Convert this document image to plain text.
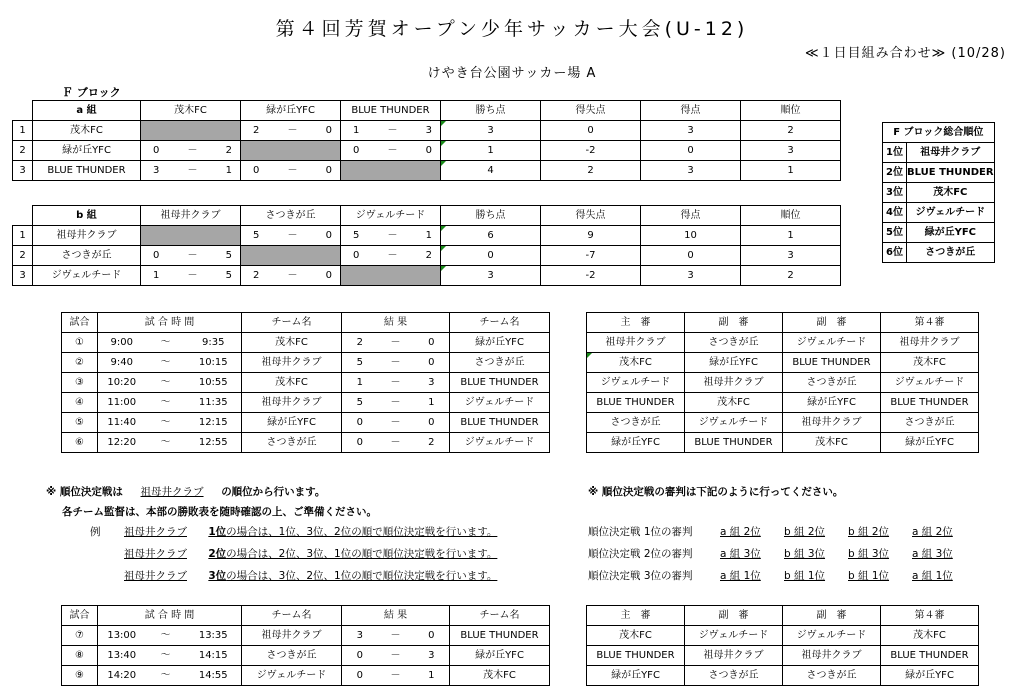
第４回芳賀オープン少年サッカー大会(U-12)
≪１日目組み合わせ≫ (10/28)
けやき台公園サッカー場 A
Ｆ ブロック
	a 組	茂木FC	緑が丘YFC	BLUE THUNDER	勝ち点	得失点	得点	順位
1	茂木FC		2 － 0	1 － 3	3	0	3	2
2	緑が丘YFC	0 － 2		0 － 0	1	-2	0	3
3	BLUE THUNDER	3 － 1	0 － 0		4	2	3	1
	b 組	祖母井クラブ	さつきが丘	ジヴェルチード	勝ち点	得失点	得点	順位
1	祖母井クラブ		5 － 0	5 － 1	6	9	10	1
2	さつきが丘	0 － 5		0 － 2	0	-7	0	3
3	ジヴェルチード	1 － 5	2 － 0		3	-2	3	2
F ブロック総合順位	
1位	祖母井クラブ
2位	BLUE THUNDER
3位	茂木FC
4位	ジヴェルチード
5位	緑が丘YFC
6位	さつきが丘
試合	試 合 時 間			チーム名	結 果			チーム名
①	9:00	〜	9:35	茂木FC	2	－	0	緑が丘YFC
②	9:40	〜	10:15	祖母井クラブ	5	－	0	さつきが丘
③	10:20	〜	10:55	茂木FC	1	－	3	BLUE THUNDER
④	11:00	〜	11:35	祖母井クラブ	5	－	1	ジヴェルチード
⑤	11:40	〜	12:15	緑が丘YFC	0	－	0	BLUE THUNDER
⑥	12:20	〜	12:55	さつきが丘	0	－	2	ジヴェルチード
主　審	副　審	副　審	第４審
祖母井クラブ	さつきが丘	ジヴェルチード	祖母井クラブ
茂木FC	緑が丘YFC	BLUE THUNDER	茂木FC
ジヴェルチード	祖母井クラブ	さつきが丘	ジヴェルチード
BLUE THUNDER	茂木FC	緑が丘YFC	BLUE THUNDER
さつきが丘	ジヴェルチード	祖母井クラブ	さつきが丘
緑が丘YFC	BLUE THUNDER	茂木FC	緑が丘YFC
※ 順位決定戦は 祖母井クラブ の順位から行います。
各チーム監督は、本部の勝敗表を随時確認の上、ご準備ください。
例 祖母井クラブ 1位の場合は、1位、3位、2位の順で順位決定戦を行います。
祖母井クラブ 2位の場合は、2位、3位、1位の順で順位決定戦を行います。
祖母井クラブ 3位の場合は、3位、2位、1位の順で順位決定戦を行います。
※ 順位決定戦の審判は下記のように行ってください。
順位決定戦 1位の審判	a 組 2位	b 組 2位	b 組 2位	a 組 2位
順位決定戦 2位の審判	a 組 3位	b 組 3位	b 組 3位	a 組 3位
順位決定戦 3位の審判	a 組 1位	b 組 1位	b 組 1位	a 組 1位
試合	試 合 時 間			チーム名	結 果			チーム名
⑦	13:00	〜	13:35	祖母井クラブ	3	－	0	BLUE THUNDER
⑧	13:40	〜	14:15	さつきが丘	0	－	3	緑が丘YFC
⑨	14:20	〜	14:55	ジヴェルチード	0	－	1	茂木FC
主　審	副　審	副　審	第４審
茂木FC	ジヴェルチード	ジヴェルチード	茂木FC
BLUE THUNDER	祖母井クラブ	祖母井クラブ	BLUE THUNDER
緑が丘YFC	さつきが丘	さつきが丘	緑が丘YFC
